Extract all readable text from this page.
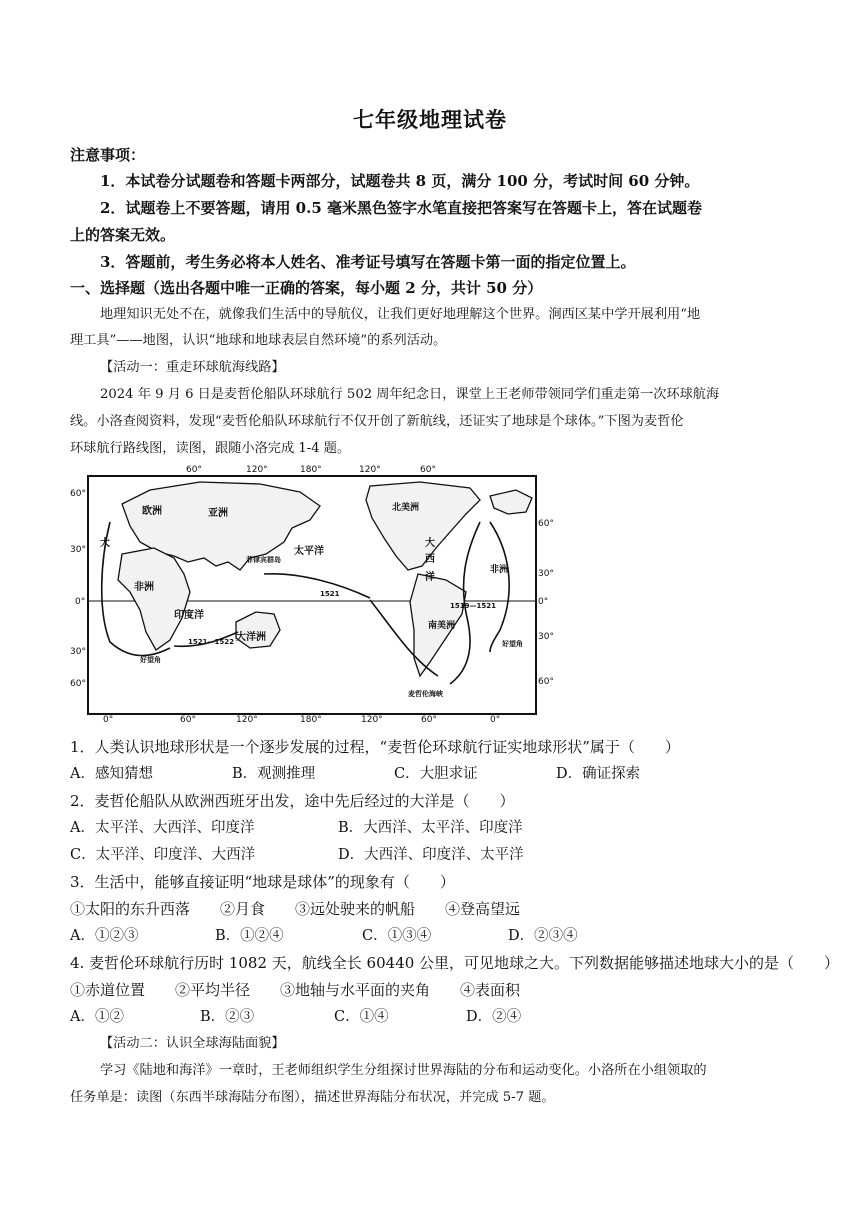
七年级地理试卷
注意事项：
1．本试卷分试题卷和答题卡两部分，试题卷共 8 页，满分 100 分，考试时间 60 分钟。
2．试题卷上不要答题，请用 0.5 毫米黑色签字水笔直接把答案写在答题卡上，答在试题卷
上的答案无效。
3．答题前，考生务必将本人姓名、准考证号填写在答题卡第一面的指定位置上。
一、选择题（选出各题中唯一正确的答案，每小题 2 分，共计 50 分）
地理知识无处不在，就像我们生活中的导航仪，让我们更好地理解这个世界。涧西区某中学开展利用“地
理工具”——地图，认识“地球和地球表层自然环境”的系列活动。
【活动一：重走环球航海线路】
2024 年 9 月 6 日是麦哲伦船队环球航行 502 周年纪念日，课堂上王老师带领同学们重走第一次环球航海
线。小洛查阅资料，发现“麦哲伦船队环球航行不仅开创了新航线，还证实了地球是个球体。”下图为麦哲伦
环球航行路线图，读图，跟随小洛完成 1-4 题。
60°	120°	180°	120°	60°
0°	60°	120°	180°	120°	60°	0°
60°
30°
0°
30°
60°
60°
30°
0°
30°
60°
欧洲	亚洲
非洲
印度洋
大洋洲
太平洋
北美洲
南美洲
大
西
洋
大
非洲
菲律宾群岛
好望角
好望角
麦哲伦海峡
1521—1522
1519—1521
1521
1．人类认识地球形状是一个逐步发展的过程，“麦哲伦环球航行证实地球形状”属于（　　）
A．感知猜想	B．观测推理	C．大胆求证	D．确证探索
2．麦哲伦船队从欧洲西班牙出发，途中先后经过的大洋是（　　）
A．太平洋、大西洋、印度洋	B．大西洋、太平洋、印度洋
C．太平洋、印度洋、大西洋	D．大西洋、印度洋、太平洋
3．生活中，能够直接证明“地球是球体”的现象有（　　）
①太阳的东升西落　　②月食　　③远处驶来的帆船　　④登高望远
A．①②③	B．①②④	C．①③④	D．②③④
4. 麦哲伦环球航行历时 1082 天，航线全长 60440 公里，可见地球之大。下列数据能够描述地球大小的是（　　）
①赤道位置　　②平均半径　　③地轴与水平面的夹角　　④表面积
A．①②	B．②③	C．①④	D．②④
【活动二：认识全球海陆面貌】
学习《陆地和海洋》一章时，王老师组织学生分组探讨世界海陆的分布和运动变化。小洛所在小组领取的
任务单是：读图（东西半球海陆分布图），描述世界海陆分布状况，并完成 5-7 题。
